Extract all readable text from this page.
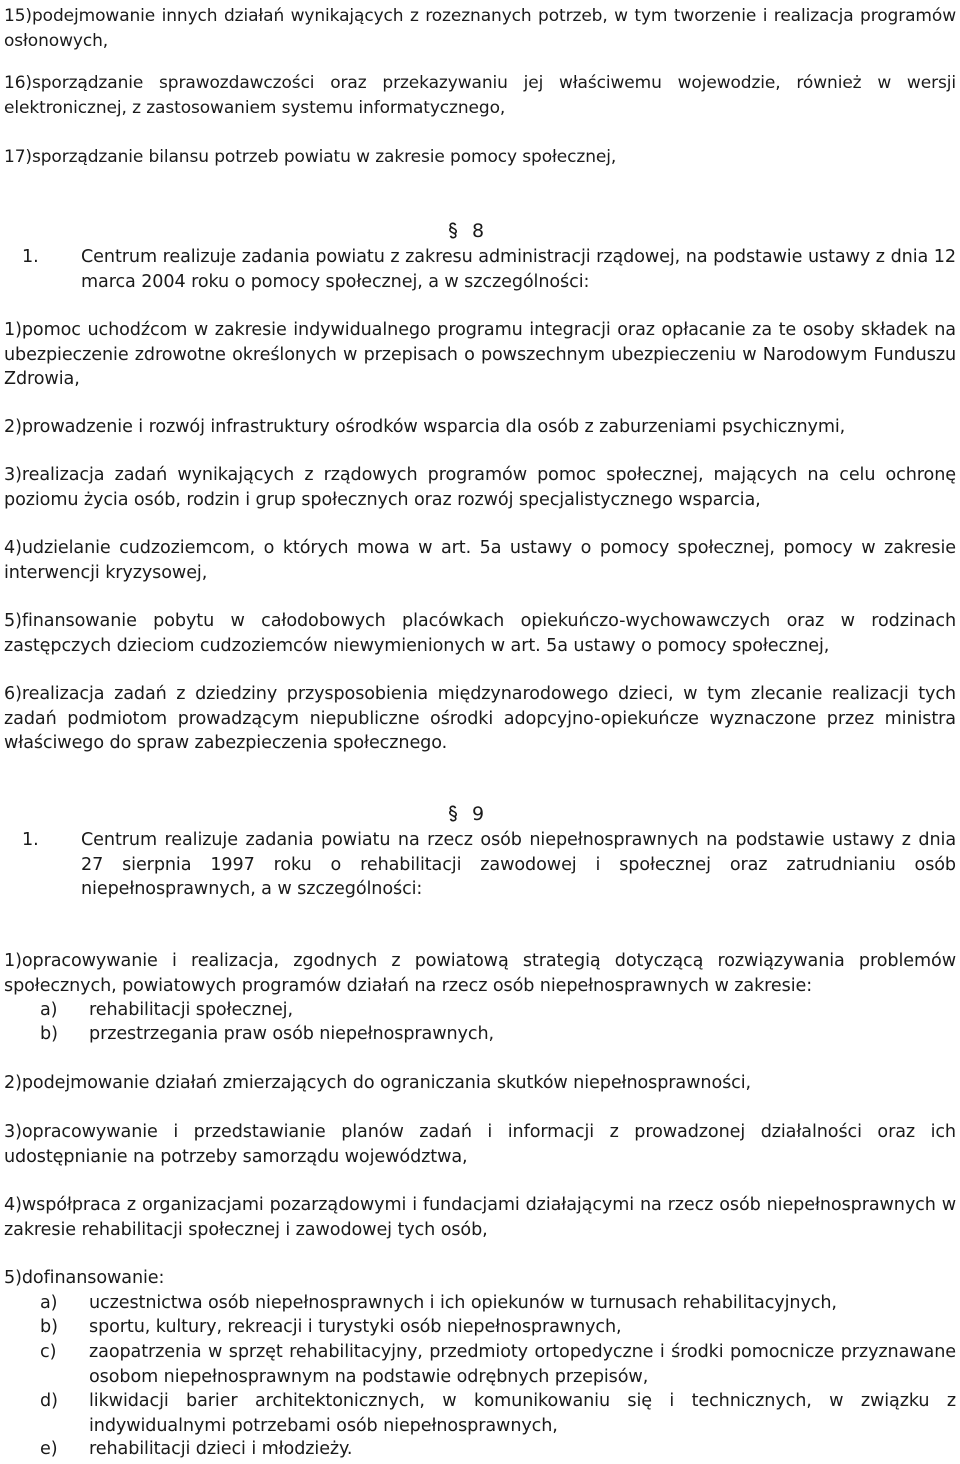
15)podejmowanie innych działań wynikających z rozeznanych potrzeb, w tym tworzenie i realizacja programów osłonowych,

16)sporządzanie sprawozdawczości oraz przekazywaniu jej właściwemu wojewodzie, również w wersji elektronicznej, z zastosowaniem systemu informatycznego,

17)sporządzanie bilansu potrzeb powiatu w zakresie pomocy społecznej,

8
1. Centrum realizuje zadania powiatu z zakresu administracji rządowej, na podstawie ustawy z dnia 12 marca 2004 roku o pomocy społecznej, a w szczególności:

1)pomoc uchodźcom w zakresie indywidualnego programu integracji oraz opłacanie za te osoby składek na ubezpieczenie zdrowotne określonych w przepisach o powszechnym ubezpieczeniu w Narodowym Funduszu Zdrowia,

2)prowadzenie i rozwój infrastruktury ośrodków wsparcia dla osób z zaburzeniami psychicznymi,

3)realizacja zadań wynikających z rządowych programów pomoc społecznej, mających na celu ochronę poziomu życia osób, rodzin i grup społecznych oraz rozwój specjalistycznego wsparcia,

4)udzielanie cudzoziemcom, o których mowa w art. 5a ustawy o pomocy społecznej, pomocy w zakresie interwencji kryzysowej,

5)finansowanie pobytu w całodobowych placówkach opiekuńczo-wychowawczych oraz w rodzinach zastępczych dzieciom cudzoziemców niewymienionych w art. 5a ustawy o pomocy społecznej,

6)realizacja zadań z dziedziny przysposobienia międzynarodowego dzieci, w tym zlecanie realizacji tych zadań podmiotom prowadzącym niepubliczne ośrodki adopcyjno-opiekuńcze wyznaczone przez ministra właściwego do spraw zabezpieczenia społecznego.

9
1. Centrum realizuje zadania powiatu na rzecz osób niepełnosprawnych na podstawie ustawy z dnia 27 sierpnia 1997 roku o rehabilitacji zawodowej i społecznej oraz zatrudnianiu osób niepełnosprawnych, a w szczególności:

1)opracowywanie i realizacja, zgodnych z powiatową strategią dotyczącą rozwiązywania problemów społecznych, powiatowych programów działań na rzecz osób niepełnosprawnych w zakresie:

a) rehabilitacji społecznej,
b) przestrzegania praw osób niepełnosprawnych,

2)podejmowanie działań zmierzających do ograniczania skutków niepełnosprawności,

3)opracowywanie i przedstawianie planów zadań i informacji z prowadzonej działalności oraz ich udostępnianie na potrzeby samorządu województwa,

4)współpraca z organizacjami pozarządowymi i fundacjami działającymi na rzecz osób niepełnosprawnych w zakresie rehabilitacji społecznej i zawodowej tych osób,

5)dofinansowanie:

a) uczestnictwa osób niepełnosprawnych i ich opiekunów w turnusach rehabilitacyjnych,
b) sportu, kultury, rekreacji i turystyki osób niepełnosprawnych,
c) zaopatrzenia w sprzęt rehabilitacyjny, przedmioty ortopedyczne i środki pomocnicze przyznawane osobom niepełnosprawnym na podstawie odrębnych przepisów,
d) likwidacji barier architektonicznych, w komunikowaniu się i technicznych, w związku z indywidualnymi potrzebami osób niepełnosprawnych,
e) rehabilitacji dzieci i młodzieży.
